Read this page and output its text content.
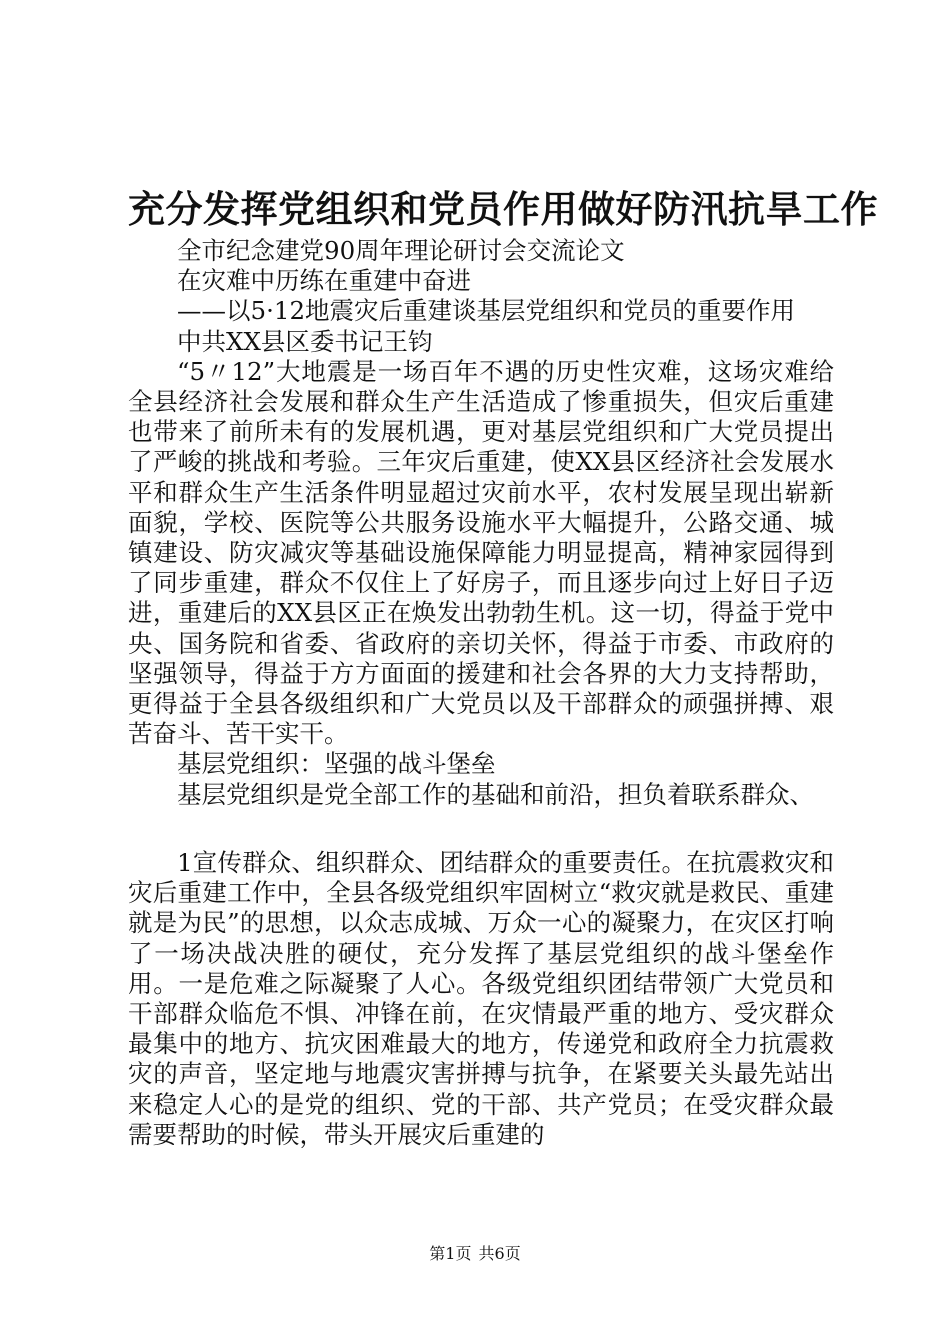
充分发挥党组织和党员作用做好防汛抗旱工作

全市纪念建党90周年理论研讨会交流论文

在灾难中历练在重建中奋进

——以5·12地震灾后重建谈基层党组织和党员的重要作用

中共XX县区委书记王钧

“5〃12”大地震是一场百年不遇的历史性灾难，这场灾难给全县经济社会发展和群众生产生活造成了惨重损失，但灾后重建也带来了前所未有的发展机遇，更对基层党组织和广大党员提出了严峻的挑战和考验。三年灾后重建，使XX县区经济社会发展水平和群众生产生活条件明显超过灾前水平，农村发展呈现出崭新面貌，学校、医院等公共服务设施水平大幅提升，公路交通、城镇建设、防灾减灾等基础设施保障能力明显提高，精神家园得到了同步重建，群众不仅住上了好房子，而且逐步向过上好日子迈进，重建后的XX县区正在焕发出勃勃生机。这一切，得益于党中央、国务院和省委、省政府的亲切关怀，得益于市委、市政府的坚强领导，得益于方方面面的援建和社会各界的大力支持帮助，更得益于全县各级组织和广大党员以及干部群众的顽强拼搏、艰苦奋斗、苦干实干。

基层党组织：坚强的战斗堡垒

基层党组织是党全部工作的基础和前沿，担负着联系群众、

1宣传群众、组织群众、团结群众的重要责任。在抗震救灾和灾后重建工作中，全县各级党组织牢固树立“救灾就是救民、重建就是为民”的思想，以众志成城、万众一心的凝聚力，在灾区打响了一场决战决胜的硬仗，充分发挥了基层党组织的战斗堡垒作用。一是危难之际凝聚了人心。各级党组织团结带领广大党员和干部群众临危不惧、冲锋在前，在灾情最严重的地方、受灾群众最集中的地方、抗灾困难最大的地方，传递党和政府全力抗震救灾的声音，坚定地与地震灾害拼搏与抗争，在紧要关头最先站出来稳定人心的是党的组织、党的干部、共产党员；在受灾群众最需要帮助的时候，带头开展灾后重建的

第1页 共6页
